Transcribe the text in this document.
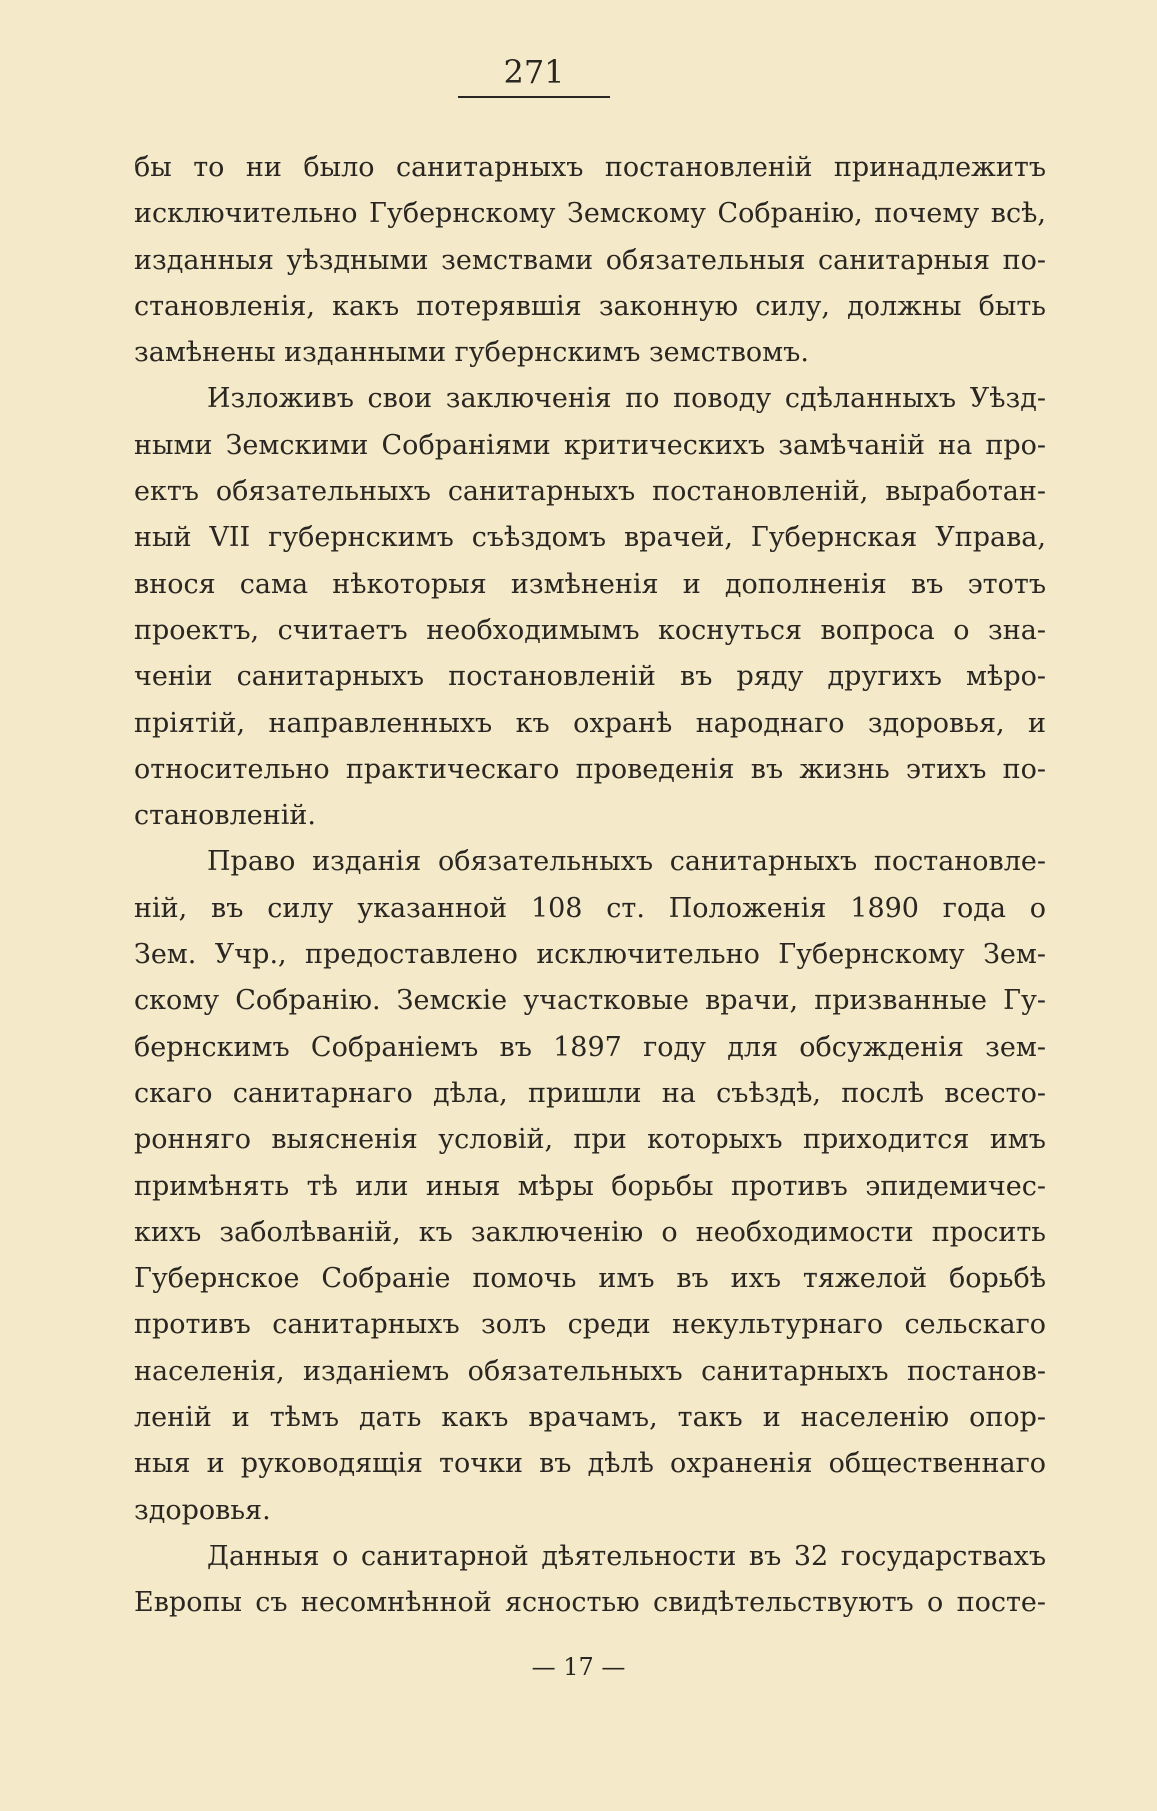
271
бы то ни было санитарныхъ постановленій принадлежитъ
исключительно Губернскому Земскому Собранію, почему всѣ,
изданныя уѣздными земствами обязательныя санитарныя по-
становленія, какъ потерявшія законную силу, должны быть
замѣнены изданными губернскимъ земствомъ.
Изложивъ свои заключенія по поводу сдѣланныхъ Уѣзд-
ными Земскими Собраніями критическихъ замѣчаній на про-
ектъ обязательныхъ санитарныхъ постановленій, выработан-
ный VII губернскимъ съѣздомъ врачей, Губернская Управа,
внося сама нѣкоторыя измѣненія и дополненія въ этотъ
проектъ, считаетъ необходимымъ коснуться вопроса о зна-
ченіи санитарныхъ постановленій въ ряду другихъ мѣро-
пріятій, направленныхъ къ охранѣ народнаго здоровья, и
относительно практическаго проведенія въ жизнь этихъ по-
становленій.
Право изданія обязательныхъ санитарныхъ постановле-
ній, въ силу указанной 108 ст. Положенія 1890 года о
Зем. Учр., предоставлено исключительно Губернскому Зем-
скому Собранію. Земскіе участковые врачи, призванные Гу-
бернскимъ Собраніемъ въ 1897 году для обсужденія зем-
скаго санитарнаго дѣла, пришли на съѣздѣ, послѣ всесто-
ронняго выясненія условій, при которыхъ приходится имъ
примѣнять тѣ или иныя мѣры борьбы противъ эпидемичес-
кихъ заболѣваній, къ заключенію о необходимости просить
Губернское Собраніе помочь имъ въ ихъ тяжелой борьбѣ
противъ санитарныхъ золъ среди некультурнаго сельскаго
населенія, изданіемъ обязательныхъ санитарныхъ постанов-
леній и тѣмъ дать какъ врачамъ, такъ и населенію опор-
ныя и руководящія точки въ дѣлѣ охраненія общественнаго
здоровья.
Данныя о санитарной дѣятельности въ 32 государствахъ
Европы съ несомнѣнной ясностью свидѣтельствуютъ о посте-
— 17 —
